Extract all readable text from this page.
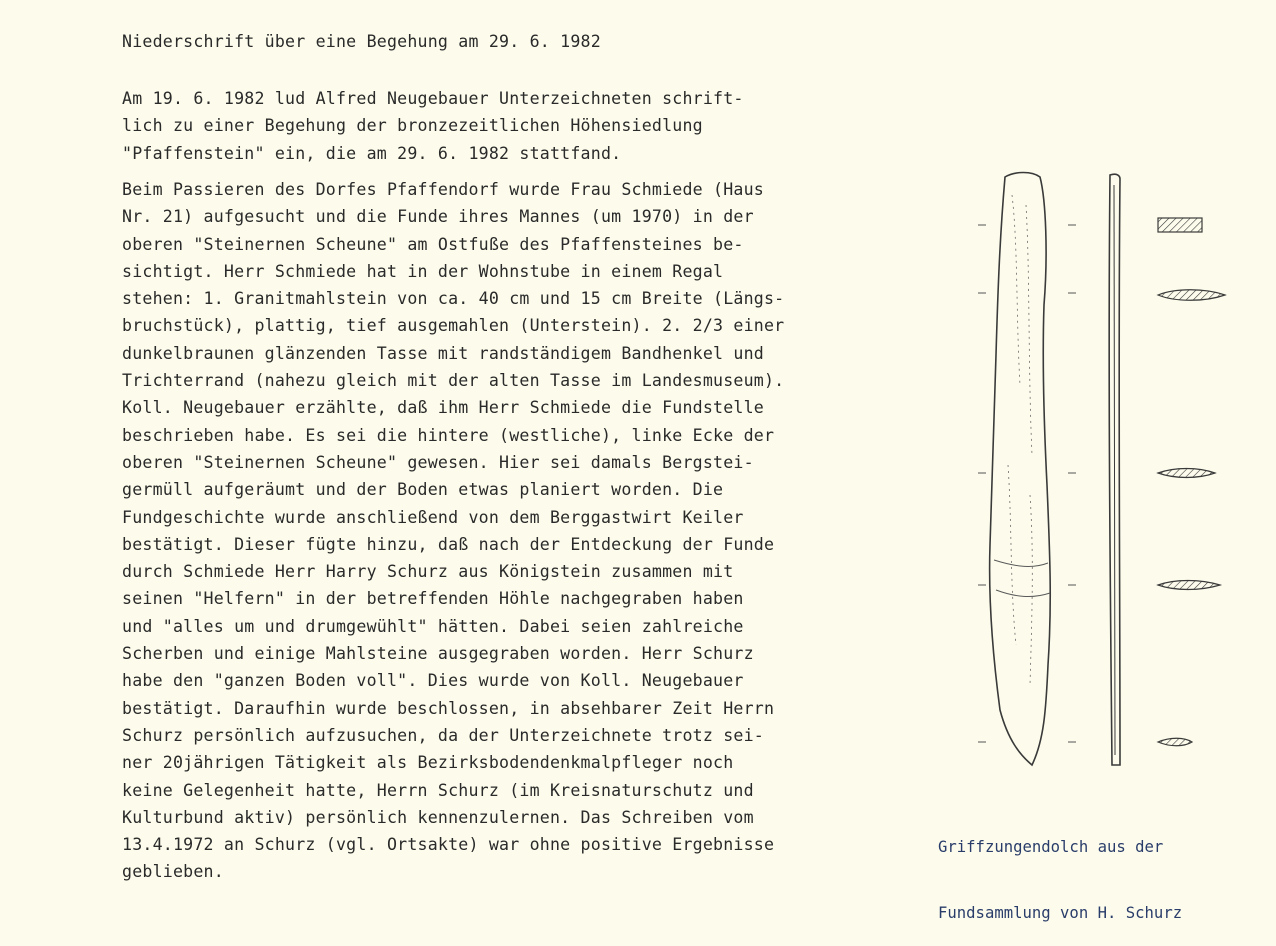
Niederschrift über eine Begehung am 29. 6. 1982
Am 19. 6. 1982 lud Alfred Neugebauer Unterzeichneten schrift-
lich zu einer Begehung der bronzezeitlichen Höhensiedlung
"Pfaffenstein" ein, die am 29. 6. 1982 stattfand.
Beim Passieren des Dorfes Pfaffendorf wurde Frau Schmiede (Haus
Nr. 21) aufgesucht und die Funde ihres Mannes (um 1970) in der
oberen "Steinernen Scheune" am Ostfuße des Pfaffensteines be-
sichtigt. Herr Schmiede hat in der Wohnstube in einem Regal
stehen: 1. Granitmahlstein von ca. 40 cm und 15 cm Breite (Längs-
bruchstück), plattig, tief ausgemahlen (Unterstein). 2. 2/3 einer
dunkelbraunen glänzenden Tasse mit randständigem Bandhenkel und
Trichterrand (nahezu gleich mit der alten Tasse im Landesmuseum).
Koll. Neugebauer erzählte, daß ihm Herr Schmiede die Fundstelle
beschrieben habe. Es sei die hintere (westliche), linke Ecke der
oberen "Steinernen Scheune" gewesen. Hier sei damals Bergstei-
germüll aufgeräumt und der Boden etwas planiert worden. Die
Fundgeschichte wurde anschließend von dem Berggastwirt Keiler
bestätigt. Dieser fügte hinzu, daß nach der Entdeckung der Funde
durch Schmiede Herr Harry Schurz aus Königstein zusammen mit
seinen "Helfern" in der betreffenden Höhle nachgegraben haben
und "alles um und drumgewühlt" hätten. Dabei seien zahlreiche
Scherben und einige Mahlsteine ausgegraben worden. Herr Schurz
habe den "ganzen Boden voll". Dies wurde von Koll. Neugebauer
bestätigt. Daraufhin wurde beschlossen, in absehbarer Zeit Herrn
Schurz persönlich aufzusuchen, da der Unterzeichnete trotz sei-
ner 20jährigen Tätigkeit als Bezirksbodendenkmalpfleger noch
keine Gelegenheit hatte, Herrn Schurz (im Kreisnaturschutz und
Kulturbund aktiv) persönlich kennenzulernen. Das Schreiben vom
13.4.1972 an Schurz (vgl. Ortsakte) war ohne positive Ergebnisse
geblieben.

Griffzungendolch aus der

Fundsammlung von H. Schurz
